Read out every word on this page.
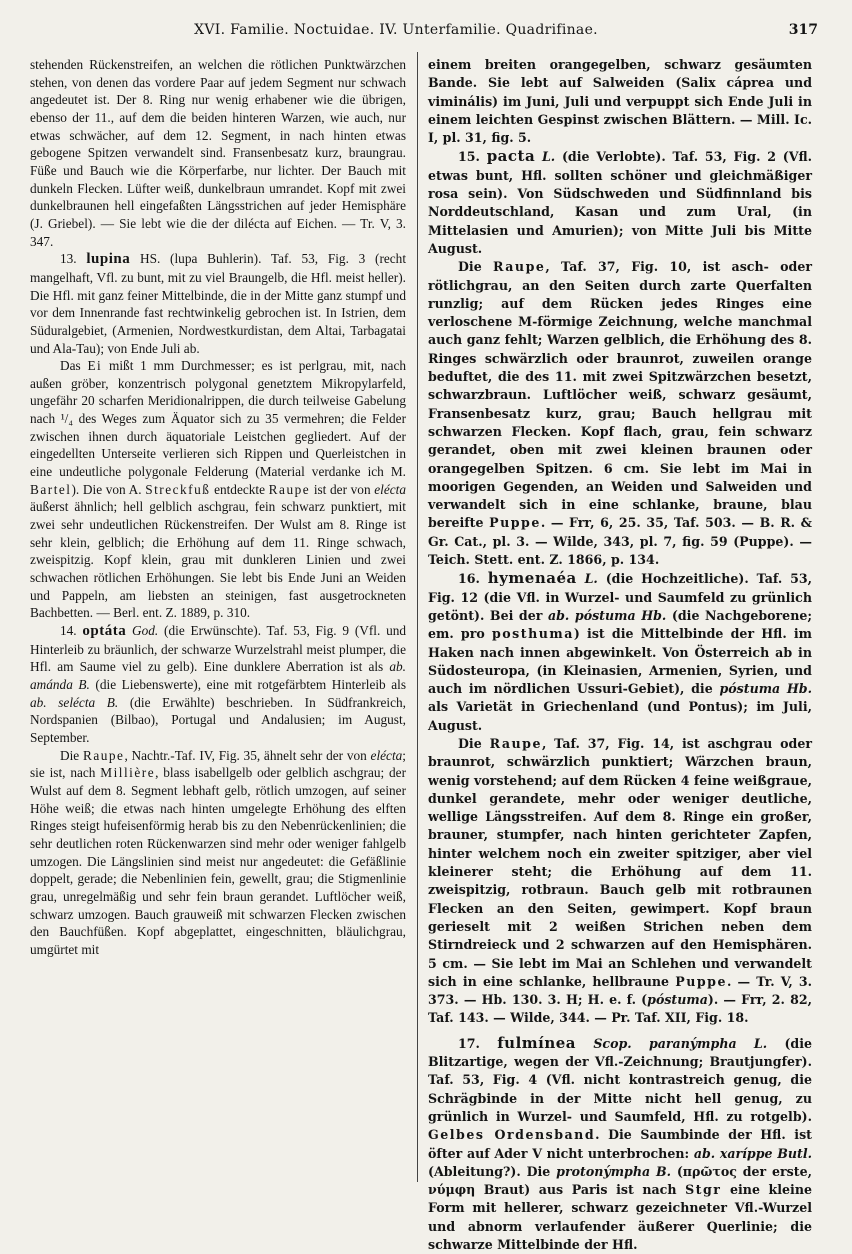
XVI. Familie. Noctuidae. IV. Unterfamilie. Quadrifinae.	317

stehenden Rückenstreifen, an welchen die rötlichen Punktwärzchen stehen, von denen das vordere Paar auf jedem Segment nur schwach angedeutet ist. Der 8. Ring nur wenig erhabener wie die übrigen, ebenso der 11., auf dem die beiden hinteren Warzen, wie auch, nur etwas schwächer, auf dem 12. Segment, in nach hinten etwas gebogene Spitzen verwandelt sind. Fransenbesatz kurz, braungrau. Füße und Bauch wie die Körperfarbe, nur lichter. Der Bauch mit dunkeln Flecken. Lüfter weiß, dunkelbraun umrandet. Kopf mit zwei dunkelbraunen hell eingefaßten Längsstrichen auf jeder Hemisphäre (J. Griebel). — Sie lebt wie die der dilécta auf Eichen. — Tr. V, 3. 347.

13. lupina HS. (lupa Buhlerin). Taf. 53, Fig. 3 (recht mangelhaft, Vfl. zu bunt, mit zu viel Braungelb, die Hfl. meist heller). Die Hfl. mit ganz feiner Mittelbinde, die in der Mitte ganz stumpf und vor dem Innenrande fast rechtwinkelig gebrochen ist. In Istrien, dem Süduralgebiet, (Armenien, Nordwestkurdistan, dem Altai, Tarbagatai und Ala-Tau); von Ende Juli ab.

Das Ei mißt 1 mm Durchmesser; es ist perlgrau, mit, nach außen gröber, konzentrisch polygonal genetztem Mikropylarfeld, ungefähr 20 scharfen Meridionalrippen, die durch teilweise Gabelung nach ¹/₄ des Weges zum Äquator sich zu 35 vermehren; die Felder zwischen ihnen durch äquatoriale Leistchen gegliedert. Auf der eingedellten Unterseite verlieren sich Rippen und Querleistchen in eine undeutliche polygonale Felderung (Material verdanke ich M. Bartel). Die von A. Streckfuß entdeckte Raupe ist der von elécta äußerst ähnlich; hell gelblich aschgrau, fein schwarz punktiert, mit zwei sehr undeutlichen Rückenstreifen. Der Wulst am 8. Ringe ist sehr klein, gelblich; die Erhöhung auf dem 11. Ringe schwach, zweispitzig. Kopf klein, grau mit dunkleren Linien und zwei schwachen rötlichen Erhöhungen. Sie lebt bis Ende Juni an Weiden und Pappeln, am liebsten an steinigen, fast ausgetrockneten Bachbetten. — Berl. ent. Z. 1889, p. 310.

14. optáta God. (die Erwünschte). Taf. 53, Fig. 9 (Vfl. und Hinterleib zu bräunlich, der schwarze Wurzelstrahl meist plumper, die Hfl. am Saume viel zu gelb). Eine dunklere Aberration ist als ab. amánda B. (die Liebenswerte), eine mit rotgefärbtem Hinterleib als ab. seléctа B. (die Erwählte) beschrieben. In Südfrankreich, Nordspanien (Bilbao), Portugal und Andalusien; im August, September.

Die Raupe, Nachtr.-Taf. IV, Fig. 35, ähnelt sehr der von elécta; sie ist, nach Millière, blass isabellgelb oder gelblich aschgrau; der Wulst auf dem 8. Segment lebhaft gelb, rötlich umzogen, auf seiner Höhe weiß; die etwas nach hinten umgelegte Erhöhung des elften Ringes steigt hufeisenförmig herab bis zu den Nebenrückenlinien; die sehr deutlichen roten Rückenwarzen sind mehr oder weniger fahlgelb umzogen. Die Längslinien sind meist nur angedeutet: die Gefäßlinie doppelt, gerade; die Nebenlinien fein, gewellt, grau; die Stigmenlinie grau, unregelmäßig und sehr fein braun gerandet. Luftlöcher weiß, schwarz umzogen. Bauch grauweiß mit schwarzen Flecken zwischen den Bauchfüßen. Kopf abgeplattet, eingeschnitten, bläulichgrau, umgürtet mit

einem breiten orangegelben, schwarz gesäumten Bande. Sie lebt auf Salweiden (Salix cáprea und viminális) im Juni, Juli und verpuppt sich Ende Juli in einem leichten Gespinst zwischen Blättern. — Mill. Ic. I, pl. 31, fig. 5.

15. pacta L. (die Verlobte). Taf. 53, Fig. 2 (Vfl. etwas bunt, Hfl. sollten schöner und gleichmäßiger rosa sein). Von Südschweden und Südfinnland bis Norddeutschland, Kasan und zum Ural, (in Mittelasien und Amurien); von Mitte Juli bis Mitte August.

Die Raupe, Taf. 37, Fig. 10, ist asch- oder rötlichgrau, an den Seiten durch zarte Querfalten runzlig; auf dem Rücken jedes Ringes eine verloschene M-förmige Zeichnung, welche manchmal auch ganz fehlt; Warzen gelblich, die Erhöhung des 8. Ringes schwärzlich oder braunrot, zuweilen orange beduftet, die des 11. mit zwei Spitzwärzchen besetzt, schwarzbraun. Luftlöcher weiß, schwarz gesäumt, Fransenbesatz kurz, grau; Bauch hellgrau mit schwarzen Flecken. Kopf flach, grau, fein schwarz gerandet, oben mit zwei kleinen braunen oder orangegelben Spitzen. 6 cm. Sie lebt im Mai in moorigen Gegenden, an Weiden und Salweiden und verwandelt sich in eine schlanke, braune, blau bereifte Puppe. — Frr, 6, 25. 35, Taf. 503. — B. R. & Gr. Cat., pl. 3. — Wilde, 343, pl. 7, fig. 59 (Puppe). — Teich. Stett. ent. Z. 1866, p. 134.

16. hymenaéa L. (die Hochzeitliche). Taf. 53, Fig. 12 (die Vfl. in Wurzel- und Saumfeld zu grünlich getönt). Bei der ab. póstuma Hb. (die Nachgeborene; em. pro posthuma) ist die Mittelbinde der Hfl. im Haken nach innen abgewinkelt. Von Österreich ab in Südosteuropa, (in Kleinasien, Armenien, Syrien, und auch im nördlichen Ussuri-Gebiet), die póstuma Hb. als Varietät in Griechenland (und Pontus); im Juli, August.

Die Raupe, Taf. 37, Fig. 14, ist aschgrau oder braunrot, schwärzlich punktiert; Wärzchen braun, wenig vorstehend; auf dem Rücken 4 feine weißgraue, dunkel gerandete, mehr oder weniger deutliche, wellige Längsstreifen. Auf dem 8. Ringe ein großer, brauner, stumpfer, nach hinten gerichteter Zapfen, hinter welchem noch ein zweiter spitziger, aber viel kleinerer steht; die Erhöhung auf dem 11. zweispitzig, rotbraun. Bauch gelb mit rotbraunen Flecken an den Seiten, gewimpert. Kopf braun gerieselt mit 2 weißen Strichen neben dem Stirndreieck und 2 schwarzen auf den Hemisphären. 5 cm. — Sie lebt im Mai an Schlehen und verwandelt sich in eine schlanke, hellbraune Puppe. — Tr. V, 3. 373. — Hb. 130. 3. H; H. e. f. (póstuma). — Frr, 2. 82, Taf. 143. — Wilde, 344. — Pr. Taf. XII, Fig. 18.

17. fulmínea Scop. paranýmpha L. (die Blitzartige, wegen der Vfl.-Zeichnung; Brautjungfer). Taf. 53, Fig. 4 (Vfl. nicht kontrastreich genug, die Schrägbinde in der Mitte nicht hell genug, zu grünlich in Wurzel- und Saumfeld, Hfl. zu rotgelb). Gelbes Ordensband. Die Saumbinde der Hfl. ist öfter auf Ader V nicht unterbrochen: ab. xaríppe Butl. (Ableitung?). Die protonýmpha B. (πρῶτος der erste, νύμφη Braut) aus Paris ist nach Stgr eine kleine Form mit hellerer, schwarz gezeichneter Vfl.-Wurzel und abnorm verlaufender äußerer Querlinie; die schwarze Mittelbinde der Hfl.
